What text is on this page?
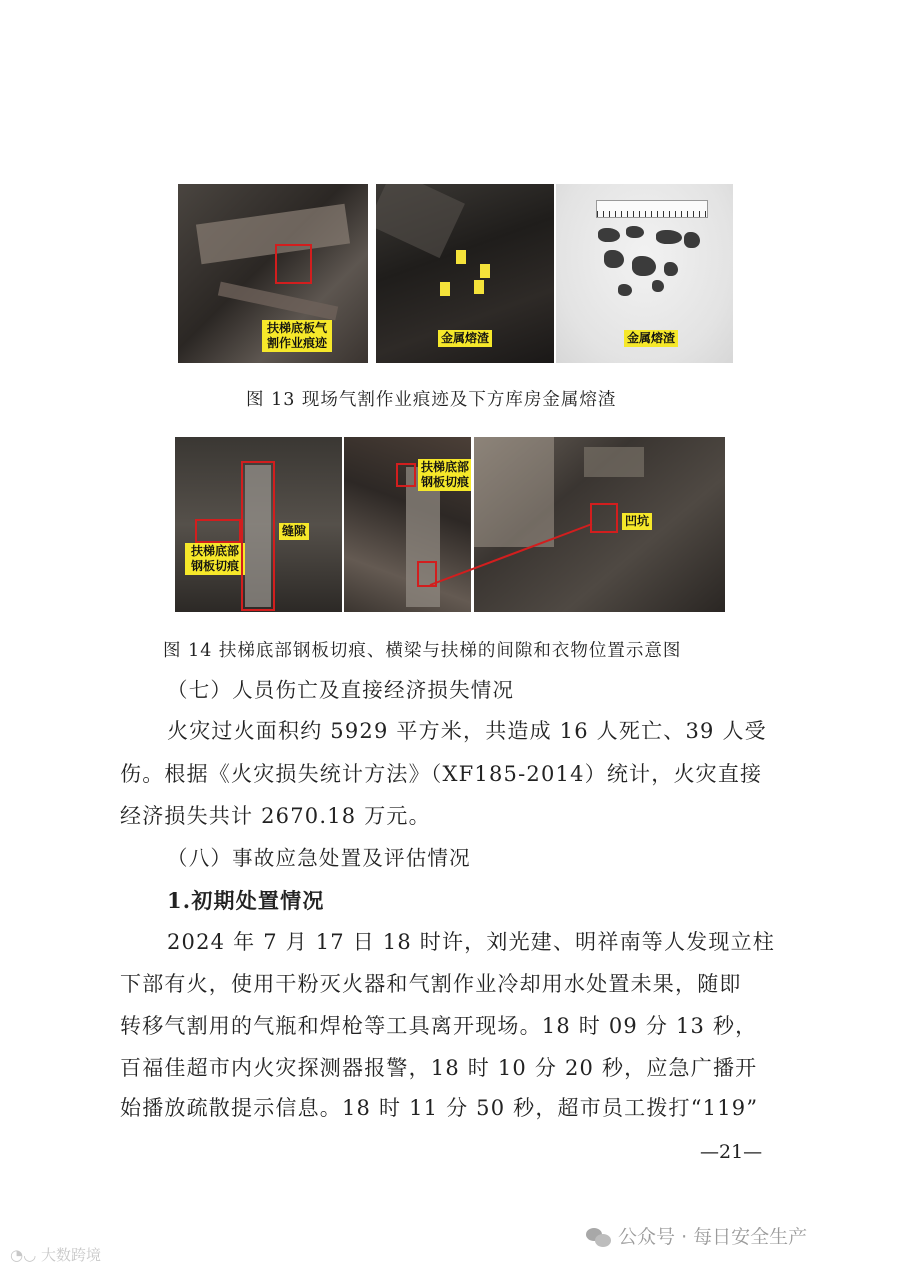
扶梯底板气割作业痕迹	金属熔渣	金属熔渣
图 13 现场气割作业痕迹及下方库房金属熔渣
扶梯底部钢板切痕
缝隙
扶梯底部钢板切痕
凹坑
图 14 扶梯底部钢板切痕、横梁与扶梯的间隙和衣物位置示意图
（七）人员伤亡及直接经济损失情况
火灾过火面积约 5929 平方米，共造成 16 人死亡、39 人受
伤。根据《火灾损失统计方法》（XF185-2014）统计，火灾直接
经济损失共计 2670.18 万元。
（八）事故应急处置及评估情况
1.初期处置情况
2024 年 7 月 17 日 18 时许，刘光建、明祥南等人发现立柱
下部有火，使用干粉灭火器和气割作业冷却用水处置未果，随即
转移气割用的气瓶和焊枪等工具离开现场。18 时 09 分 13 秒，
百福佳超市内火灾探测器报警，18 时 10 分 20 秒，应急广播开
始播放疏散提示信息。18 时 11 分 50 秒，超市员工拨打“119”
—21—
◔◡ 大数跨境
公众号 · 每日安全生产
